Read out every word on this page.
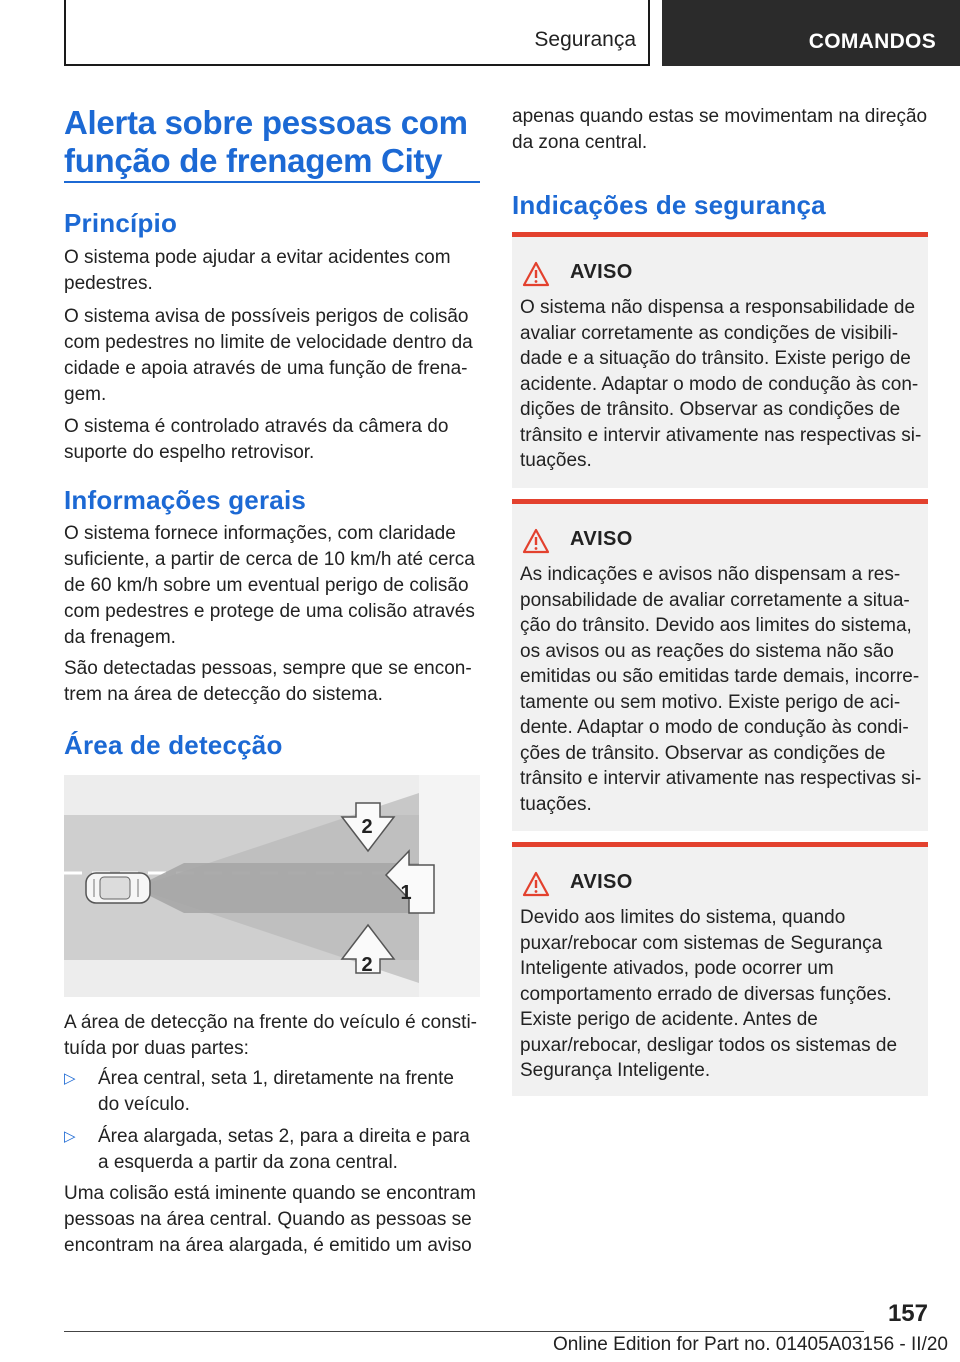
Segurança	COMANDOS
Alerta sobre pessoas com função de frenagem City
Princípio

O sistema pode ajudar a evitar acidentes com pedestres.

O sistema avisa de possíveis perigos de colisão com pedestres no limite de velocidade dentro da cidade e apoia através de uma função de frenagem.

O sistema é controlado através da câmera do suporte do espelho retrovisor.

Informações gerais

O sistema fornece informações, com claridade suficiente, a partir de cerca de 10 km/h até cerca de 60 km/h sobre um eventual perigo de colisão com pedestres e protege de uma colisão através da frenagem.

São detectadas pessoas, sempre que se encontrem na área de detecção do sistema.

Área de detecção
2
1
2

A área de detecção na frente do veículo é constituída por duas partes:

▷ Área central, seta 1, diretamente na frente do veículo.
▷ Área alargada, setas 2, para a direita e para a esquerda a partir da zona central.

Uma colisão está iminente quando se encontram pessoas na área central. Quando as pessoas se encontram na área alargada, é emitido um aviso

apenas quando estas se movimentam na direção da zona central.

Indicações de segurança
AVISO
O sistema não dispensa a responsabilidade de avaliar corretamente as condições de visibilidade e a situação do trânsito. Existe perigo de acidente. Adaptar o modo de condução às condições de trânsito. Observar as condições de trânsito e intervir ativamente nas respectivas situações.
AVISO
As indicações e avisos não dispensam a responsabilidade de avaliar corretamente a situação do trânsito. Devido aos limites do sistema, os avisos ou as reações do sistema não são emitidas ou são emitidas tarde demais, incorretamente ou sem motivo. Existe perigo de acidente. Adaptar o modo de condução às condições de trânsito. Observar as condições de trânsito e intervir ativamente nas respectivas situações.
AVISO
Devido aos limites do sistema, quando puxar/rebocar com sistemas de Segurança Inteligente ativados, pode ocorrer um comportamento errado de diversas funções. Existe perigo de acidente. Antes de puxar/rebocar, desligar todos os sistemas de Segurança Inteligente.
157
Online Edition for Part no. 01405A03156 - II/20
